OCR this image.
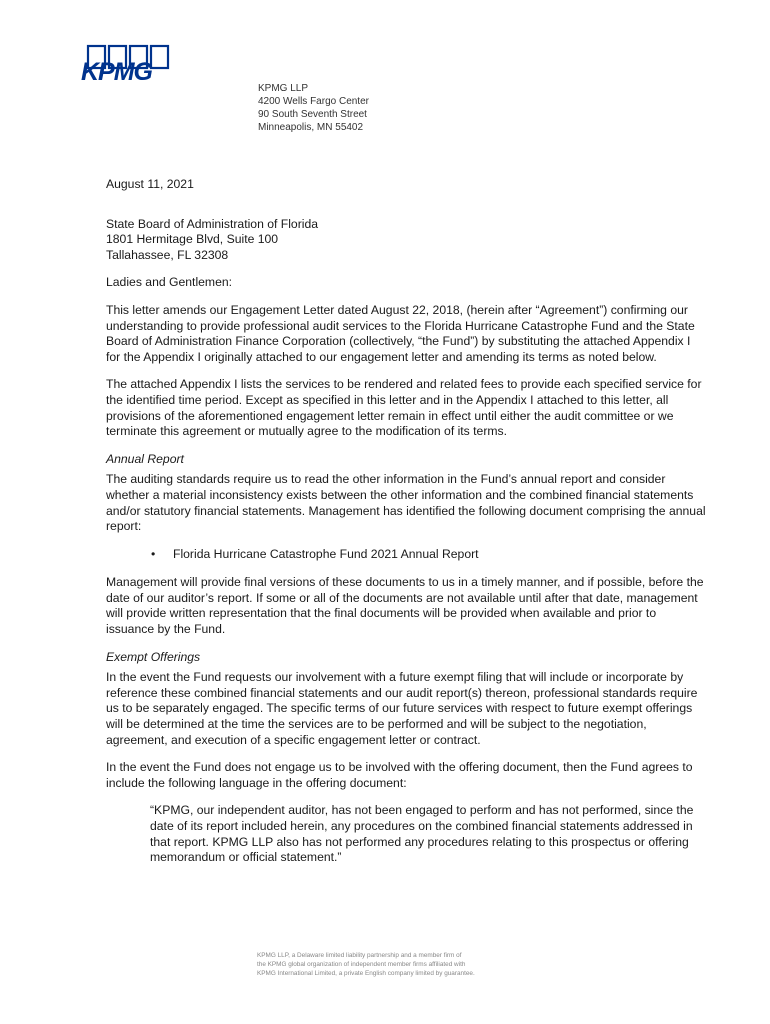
KPMG
KPMG LLP
4200 Wells Fargo Center
90 South Seventh Street
Minneapolis, MN 55402

August 11, 2021

State Board of Administration of Florida
1801 Hermitage Blvd, Suite 100
Tallahassee, FL 32308

Ladies and Gentlemen:

This letter amends our Engagement Letter dated August 22, 2018, (herein after “Agreement”) confirming our understanding to provide professional audit services to the Florida Hurricane Catastrophe Fund and the State Board of Administration Finance Corporation (collectively, “the Fund”) by substituting the attached Appendix I for the Appendix I originally attached to our engagement letter and amending its terms as noted below.

The attached Appendix I lists the services to be rendered and related fees to provide each specified service for the identified time period. Except as specified in this letter and in the Appendix I attached to this letter, all provisions of the aforementioned engagement letter remain in effect until either the audit committee or we terminate this agreement or mutually agree to the modification of its terms.

Annual Report

The auditing standards require us to read the other information in the Fund’s annual report and consider whether a material inconsistency exists between the other information and the combined financial statements and/or statutory financial statements. Management has identified the following document comprising the annual report:

• Florida Hurricane Catastrophe Fund 2021 Annual Report

Management will provide final versions of these documents to us in a timely manner, and if possible, before the date of our auditor’s report. If some or all of the documents are not available until after that date, management will provide written representation that the final documents will be provided when available and prior to issuance by the Fund.

Exempt Offerings

In the event the Fund requests our involvement with a future exempt filing that will include or incorporate by reference these combined financial statements and our audit report(s) thereon, professional standards require us to be separately engaged. The specific terms of our future services with respect to future exempt offerings will be determined at the time the services are to be performed and will be subject to the negotiation, agreement, and execution of a specific engagement letter or contract.

In the event the Fund does not engage us to be involved with the offering document, then the Fund agrees to include the following language in the offering document:

“KPMG, our independent auditor, has not been engaged to perform and has not performed, since the date of its report included herein, any procedures on the combined financial statements addressed in that report. KPMG LLP also has not performed any procedures relating to this prospectus or offering memorandum or official statement.”

KPMG LLP, a Delaware limited liability partnership and a member firm of
the KPMG global organization of independent member firms affiliated with
KPMG International Limited, a private English company limited by guarantee.
